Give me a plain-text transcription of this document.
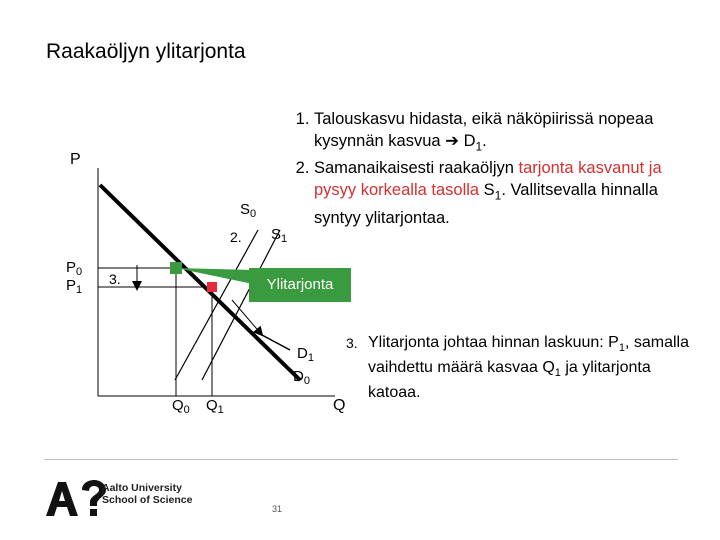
Raakaöljyn ylitarjonta
P
Q
$S_0$
$S_1$
$D_1$
$D_0$
$P_0$
$P_1$
$Q_0$ $Q_1$
2.
3.	Ylitarjonta
1. Talouskasvu hidasta, eikä näköpiirissä nopeaa kysynnän kasvua ➔ $D_1$.
2. Samanaikaisesti raakaöljyn tarjonta kasvanut ja pysyy korkealla tasolla $S_1$. Vallitsevalla hinnalla syntyy ylitarjontaa.
3. Ylitarjonta johtaa hinnan laskuun: $P_1$, samalla vaihdettu määrä kasvaa $Q_1$ ja ylitarjonta katoaa.
Aalto University
School of Science
31
